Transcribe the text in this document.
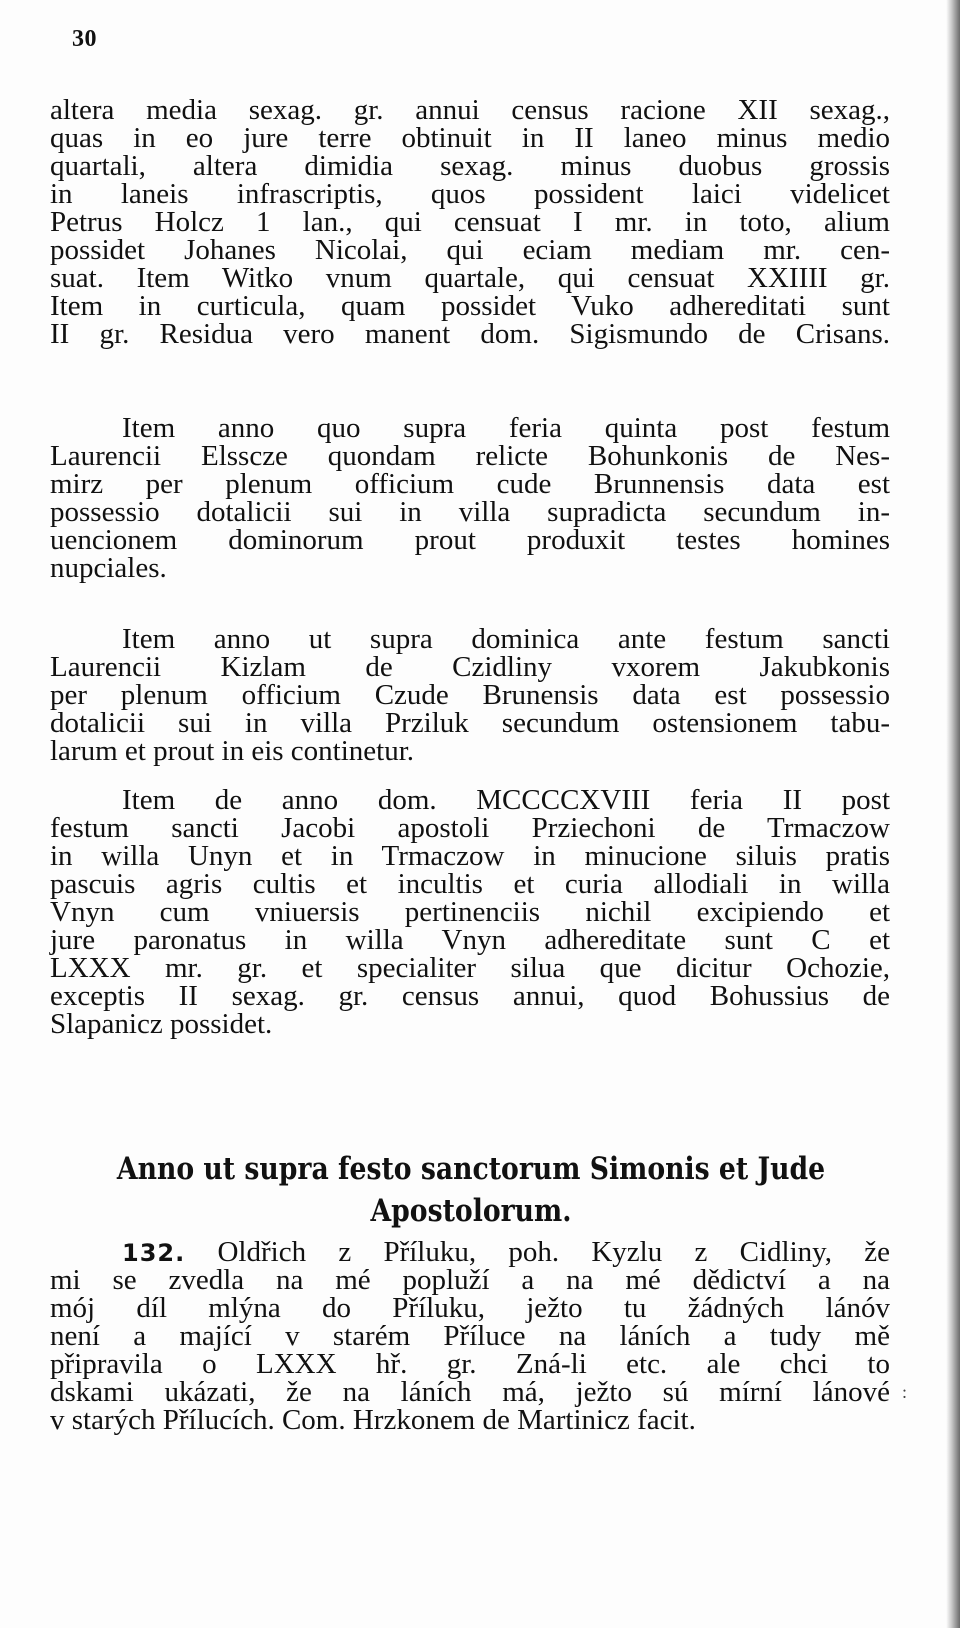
30
altera media sexag. gr. annui census racione XII sexag.,
quas in eo jure terre obtinuit in II laneo minus medio
quartali, altera dimidia sexag. minus duobus grossis
in laneis infrascriptis, quos possident laici videlicet
Petrus Holcz 1 lan., qui censuat I mr. in toto, alium
possidet Johanes Nicolai, qui eciam mediam mr. cen-
suat. Item Witko vnum quartale, qui censuat XXIIII gr.
Item in curticula, quam possidet Vuko adhereditati sunt
II gr. Residua vero manent dom. Sigismundo de Crisans.
Item anno quo supra feria quinta post festum
Laurencii Elsscze quondam relicte Bohunkonis de Nes-
mirz per plenum officium cude Brunnensis data est
possessio dotalicii sui in villa supradicta secundum in-
uencionem dominorum prout produxit testes homines
nupciales.
Item anno ut supra dominica ante festum sancti
Laurencii Kizlam de Czidliny vxorem Jakubkonis
per plenum officium Czude Brunensis data est possessio
dotalicii sui in villa Prziluk secundum ostensionem tabu-
larum et prout in eis continetur.
Item de anno dom. MCCCCXVIII feria II post
festum sancti Jacobi apostoli Prziechoni de Trmaczow
in willa Unyn et in Trmaczow in minucione siluis pratis
pascuis agris cultis et incultis et curia allodiali in willa
Vnyn cum vniuersis pertinenciis nichil excipiendo et
jure paronatus in willa Vnyn adhereditate sunt C et
LXXX mr. gr. et specialiter silua que dicitur Ochozie,
exceptis II sexag. gr. census annui, quod Bohussius de
Slapanicz possidet.
Anno ut supra festo sanctorum Simonis et Jude
Apostolorum.
132. Oldřich z Příluku, poh. Kyzlu z Cidliny, že
mi se zvedla na mé popluží a na mé dědictví a na
mój díl mlýna do Příluku, ježto tu žádných lánóv
není a mající v starém Příluce na láních a tudy mě
připravila o LXXX hř. gr. Zná-li etc. ale chci to
dskami ukázati, že na láních má, ježto sú mírní lánové
v starých Přílucích. Com. Hrzkonem de Martinicz facit.
:
